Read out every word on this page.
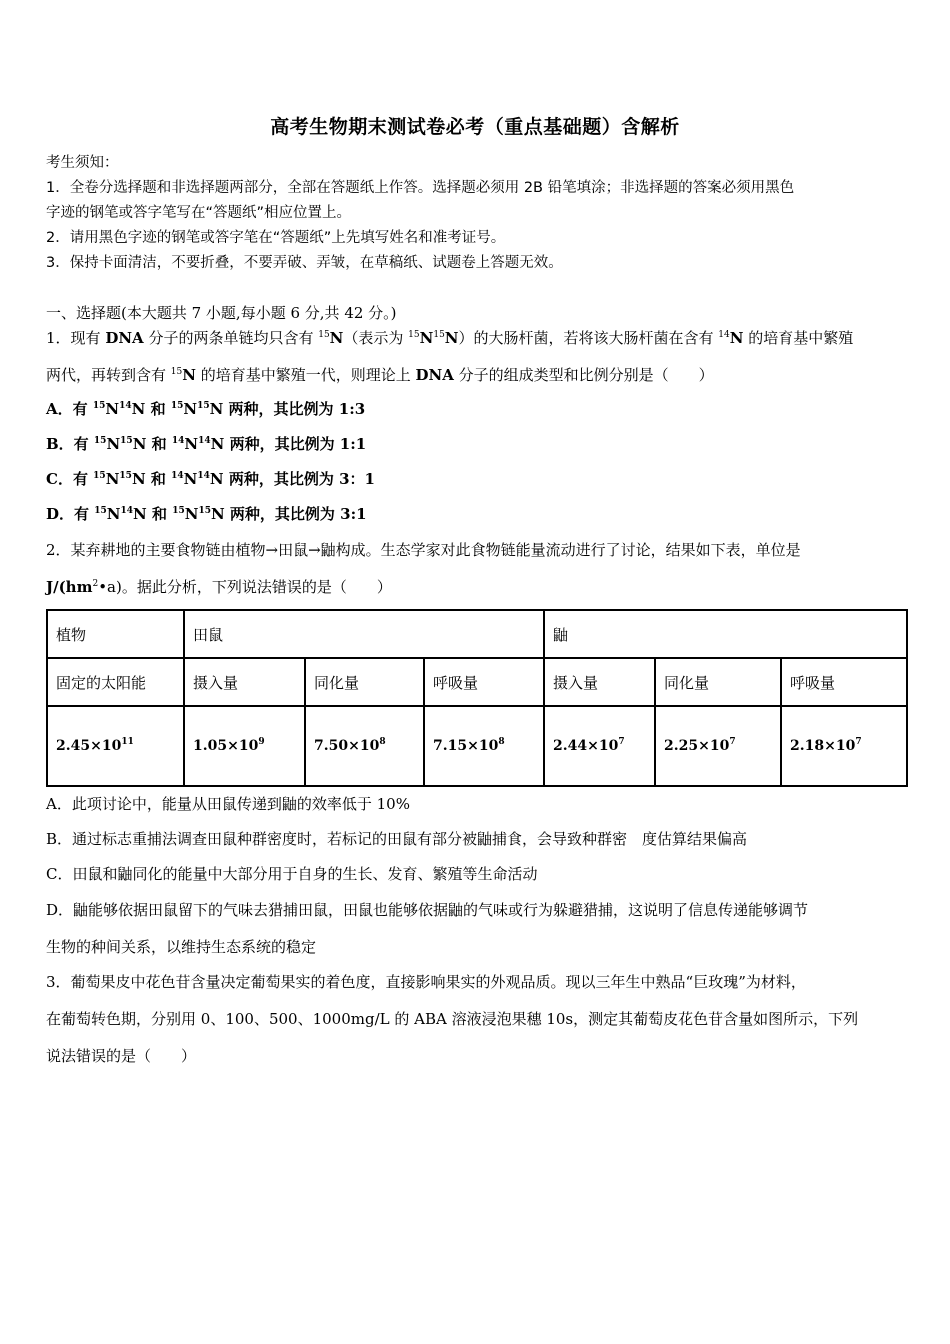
高考生物期末测试卷必考（重点基础题）含解析
考生须知：
1．全卷分选择题和非选择题两部分，全部在答题纸上作答。选择题必须用 2B 铅笔填涂；非选择题的答案必须用黑色
字迹的钢笔或答字笔写在“答题纸”相应位置上。
2．请用黑色字迹的钢笔或答字笔在“答题纸”上先填写姓名和准考证号。
3．保持卡面清洁，不要折叠，不要弄破、弄皱，在草稿纸、试题卷上答题无效。
一、选择题(本大题共 7 小题,每小题 6 分,共 42 分。)
1．现有 DNA 分子的两条单链均只含有 $^{15}$N（表示为 $^{15}N^{15}N$）的大肠杆菌，若将该大肠杆菌在含有 $^{14}$N 的培育基中繁殖
两代，再转到含有 $^{15}$N 的培育基中繁殖一代，则理论上 DNA 分子的组成类型和比例分别是（　　）
A．有 $^{15}N^{14}N$ 和 $^{15}N^{15}N$ 两种，其比例为 1:3
B．有 $^{15}N^{15}N$ 和 $^{14}N^{14}N$ 两种，其比例为 1:1
C．有 $^{15}N^{15}N$ 和 $^{14}N^{14}N$ 两种，其比例为 3：1
D．有 $^{15}N^{14}N$ 和 $^{15}N^{15}N$ 两种，其比例为 3:1
2．某弃耕地的主要食物链由植物→田鼠→鼬构成。生态学家对此食物链能量流动进行了讨论，结果如下表，单位是
$J/(hm^2•a)$。据此分析，下列说法错误的是（　　）
植物	田鼠			鼬		
固定的太阳能	摄入量	同化量	呼吸量	摄入量	同化量	呼吸量
$2.45\times 10^{11}$	$1.05\times 10^9$	$7.50\times 10^8$	$7.15\times 10^8$	$2.44\times 10^7$	$2.25\times 10^7$	$2.18\times 10^7$
A．此项讨论中，能量从田鼠传递到鼬的效率低于 10%
B．通过标志重捕法调查田鼠种群密度时，若标记的田鼠有部分被鼬捕食，会导致种群密　度估算结果偏高
C．田鼠和鼬同化的能量中大部分用于自身的生长、发育、繁殖等生命活动
D．鼬能够依据田鼠留下的气味去猎捕田鼠，田鼠也能够依据鼬的气味或行为躲避猎捕，这说明了信息传递能够调节
生物的种间关系，以维持生态系统的稳定
3．葡萄果皮中花色苷含量决定葡萄果实的着色度，直接影响果实的外观品质。现以三年生中熟品“巨玫瑰”为材料，
在葡萄转色期，分别用 0、100、500、1000mg/L 的 ABA 溶液浸泡果穗 10s，测定其葡萄皮花色苷含量如图所示，下列
说法错误的是（　　）
